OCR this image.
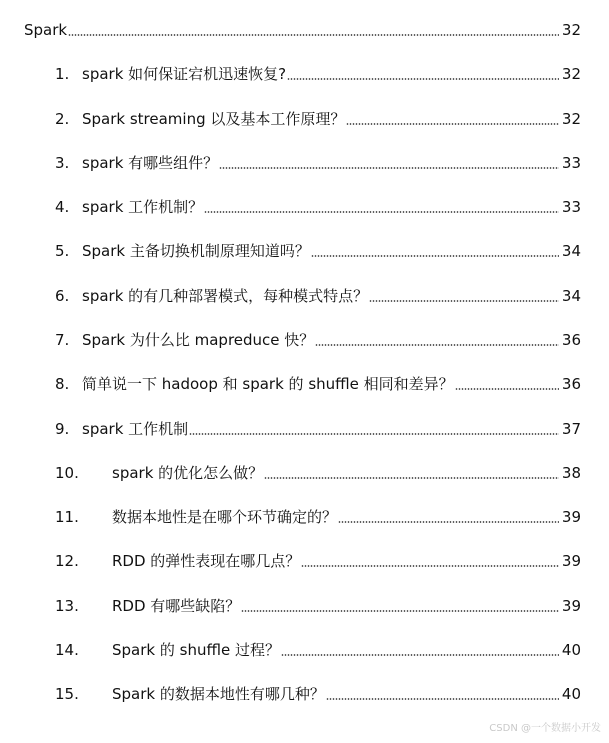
Spark	32
1. spark 如何保证宕机迅速恢复?	32
2. Spark streaming 以及基本工作原理？	32
3. spark 有哪些组件？	33
4. spark 工作机制？	33
5. Spark 主备切换机制原理知道吗？	34
6. spark 的有几种部署模式，每种模式特点？	34
7. Spark 为什么比 mapreduce 快？	36
8. 简单说一下 hadoop 和 spark 的 shuffle 相同和差异？	36
9. spark 工作机制	37
10.	spark 的优化怎么做？	38
11.	数据本地性是在哪个环节确定的？	39
12.	RDD 的弹性表现在哪几点？	39
13.	RDD 有哪些缺陷？	39
14.	Spark 的 shuffle 过程？	40
15.	Spark 的数据本地性有哪几种？	40
CSDN @一个数据小开发
